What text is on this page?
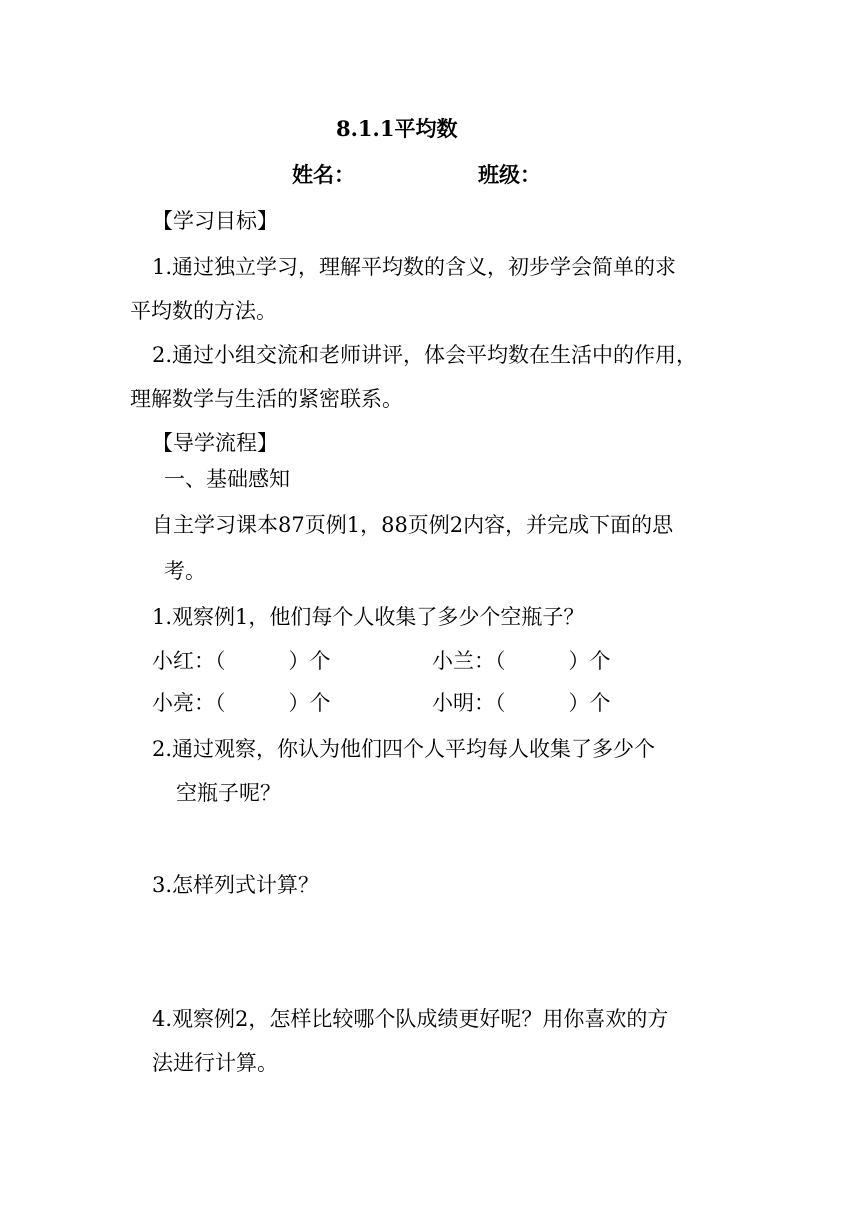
8.1.1平均数
姓名：	班级：
【学习目标】
1.通过独立学习，理解平均数的含义，初步学会简单的求
平均数的方法。
2.通过小组交流和老师讲评，体会平均数在生活中的作用，
理解数学与生活的紧密联系。
【导学流程】
一、基础感知
自主学习课本87页例1，88页例2内容，并完成下面的思
考。
1.观察例1，他们每个人收集了多少个空瓶子？
小红：（　　　）个	小兰：（　　　）个
小亮：（　　　）个	小明：（　　　）个
2.通过观察，你认为他们四个人平均每人收集了多少个
空瓶子呢？
3.怎样列式计算？
4.观察例2，怎样比较哪个队成绩更好呢？用你喜欢的方
法进行计算。
